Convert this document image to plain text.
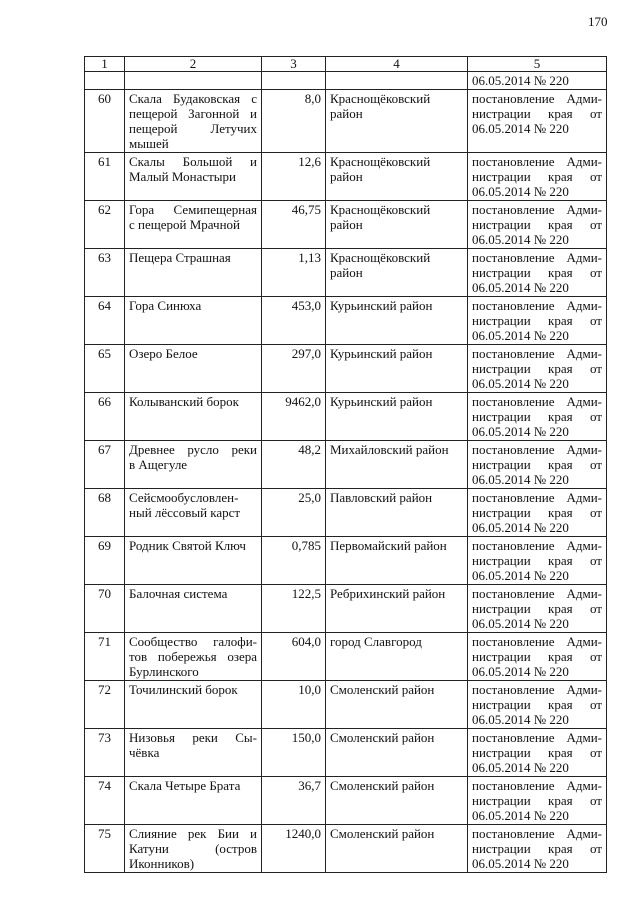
170
1	2	3	4	5

				06.05.2014 № 220

60	Скала Будаковская с
пещерой Загонной и
пещерой Летучих
мышей	8,0	Краснощёковский
район	постановление Адми-
нистрации края от
06.05.2014 № 220

61	Скалы Большой и
Малый Монастыри	12,6	Краснощёковский
район	постановление Адми-
нистрации края от
06.05.2014 № 220

62	Гора Семипещерная
с пещерой Мрачной	46,75	Краснощёковский
район	постановление Адми-
нистрации края от
06.05.2014 № 220

63	Пещера Страшная	1,13	Краснощёковский
район	постановление Адми-
нистрации края от
06.05.2014 № 220

64	Гора Синюха	453,0	Курьинский район	постановление Адми-
нистрации края от
06.05.2014 № 220

65	Озеро Белое	297,0	Курьинский район	постановление Адми-
нистрации края от
06.05.2014 № 220

66	Колыванский борок	9462,0	Курьинский район	постановление Адми-
нистрации края от
06.05.2014 № 220

67	Древнее русло реки
в Ащегуле	48,2	Михайловский район	постановление Адми-
нистрации края от
06.05.2014 № 220

68	Сейсмообусловлен-
ный лёссовый карст	25,0	Павловский район	постановление Адми-
нистрации края от
06.05.2014 № 220

69	Родник Святой Ключ	0,785	Первомайский район	постановление Адми-
нистрации края от
06.05.2014 № 220

70	Балочная система	122,5	Ребрихинский район	постановление Адми-
нистрации края от
06.05.2014 № 220

71	Сообщество галофи-
тов побережья озера
Бурлинского	604,0	город Славгород	постановление Адми-
нистрации края от
06.05.2014 № 220

72	Точилинский борок	10,0	Смоленский район	постановление Адми-
нистрации края от
06.05.2014 № 220

73	Низовья реки Сы-
чёвка	150,0	Смоленский район	постановление Адми-
нистрации края от
06.05.2014 № 220

74	Скала Четыре Брата	36,7	Смоленский район	постановление Адми-
нистрации края от
06.05.2014 № 220

75	Слияние рек Бии и
Катуни (остров
Иконников)	1240,0	Смоленский район	постановление Адми-
нистрации края от
06.05.2014 № 220
